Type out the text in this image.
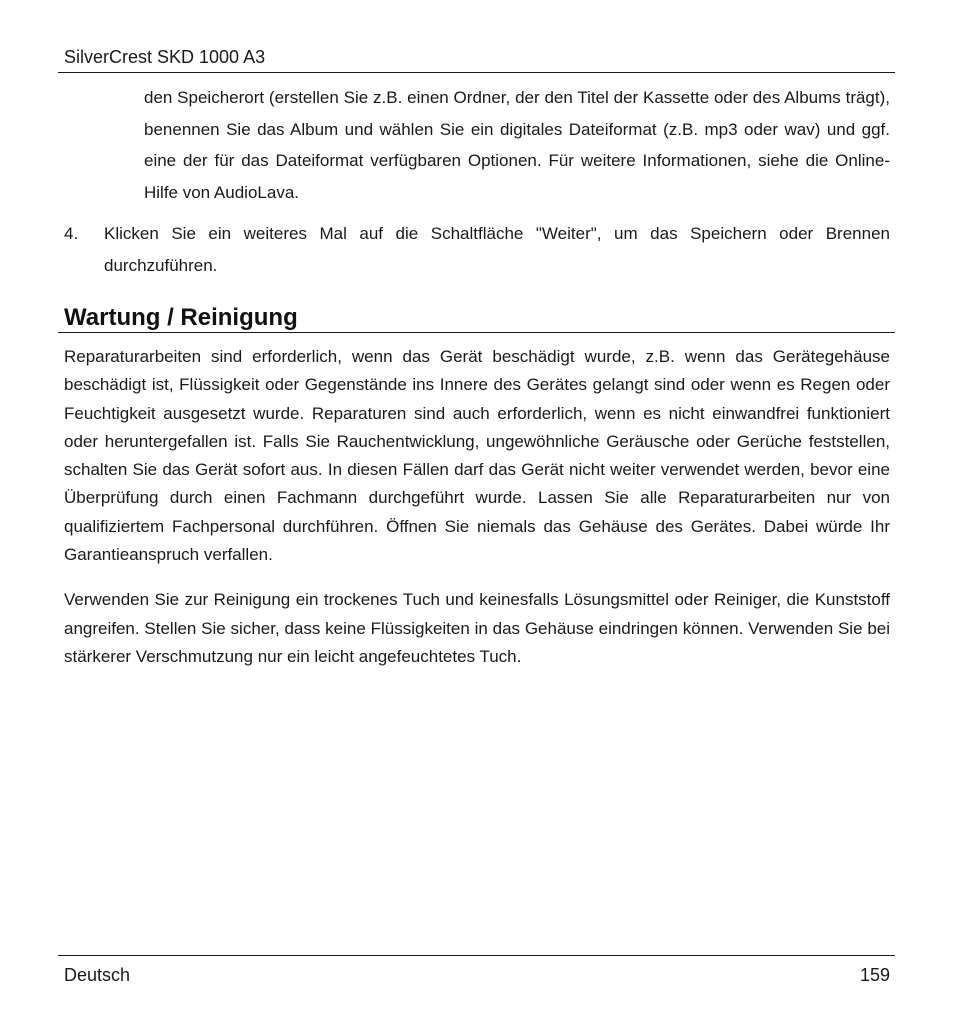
SilverCrest SKD 1000 A3

den Speicherort (erstellen Sie z.B. einen Ordner, der den Titel der Kassette oder des Albums trägt), benennen Sie das Album und wählen Sie ein digitales Dateiformat (z.B. mp3 oder wav) und ggf. eine der für das Dateiformat verfügbaren Optionen. Für weitere Informationen, siehe die Online-Hilfe von AudioLava.

4.	Klicken Sie ein weiteres Mal auf die Schaltfläche "Weiter", um das Speichern oder Brennen durchzuführen.

Wartung / Reinigung

Reparaturarbeiten sind erforderlich, wenn das Gerät beschädigt wurde, z.B. wenn das Gerätegehäuse beschädigt ist, Flüssigkeit oder Gegenstände ins Innere des Gerätes gelangt sind oder wenn es Regen oder Feuchtigkeit ausgesetzt wurde. Reparaturen sind auch erforderlich, wenn es nicht einwandfrei funktioniert oder heruntergefallen ist. Falls Sie Rauchentwicklung, ungewöhnliche Geräusche oder Gerüche feststellen, schalten Sie das Gerät sofort aus. In diesen Fällen darf das Gerät nicht weiter verwendet werden, bevor eine Überprüfung durch einen Fachmann durchgeführt wurde. Lassen Sie alle Reparaturarbeiten nur von qualifiziertem Fachpersonal durchführen. Öffnen Sie niemals das Gehäuse des Gerätes. Dabei würde Ihr Garantieanspruch verfallen.

Verwenden Sie zur Reinigung ein trockenes Tuch und keinesfalls Lösungsmittel oder Reiniger, die Kunststoff angreifen. Stellen Sie sicher, dass keine Flüssigkeiten in das Gehäuse eindringen können. Verwenden Sie bei stärkerer Verschmutzung nur ein leicht angefeuchtetes Tuch.

Deutsch	159
